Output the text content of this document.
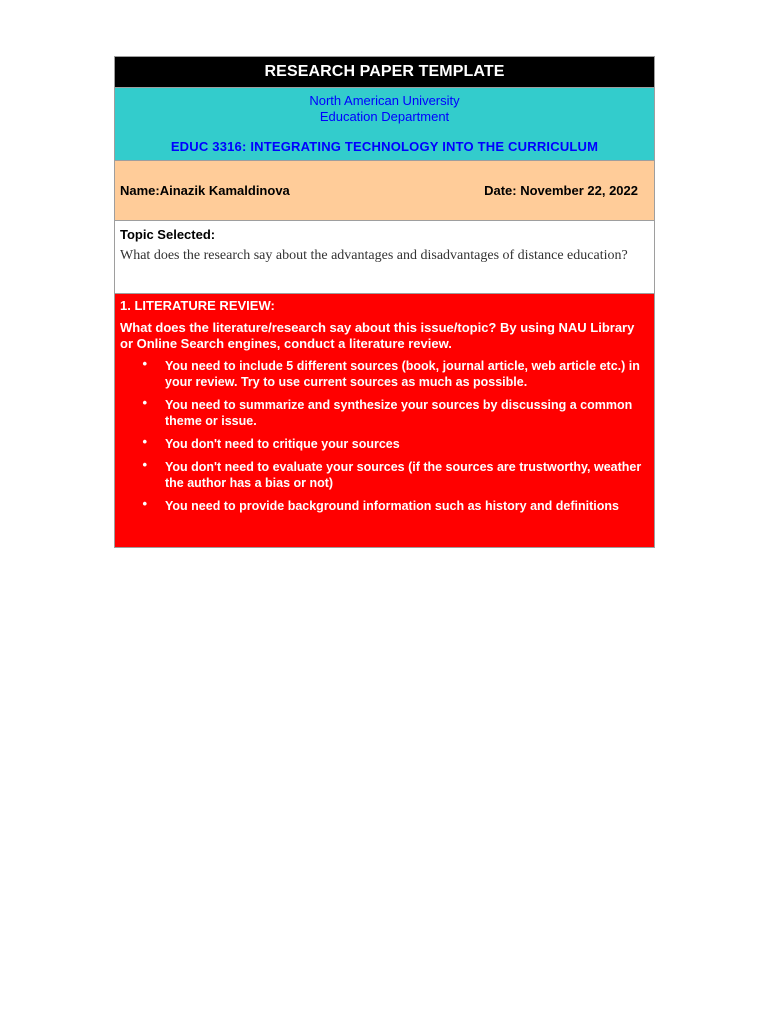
RESEARCH PAPER TEMPLATE
North American University
Education Department
EDUC 3316: INTEGRATING TECHNOLOGY INTO THE CURRICULUM
Name:Ainazik Kamaldinova	Date: November 22, 2022
Topic Selected:
What does the research say about the advantages and disadvantages of distance education?
1. LITERATURE REVIEW:
What does the literature/research say about this issue/topic? By using NAU Library or Online Search engines, conduct a literature review.
•	You need to include 5 different sources (book, journal article, web article etc.) in your review. Try to use current sources as much as possible.
•	You need to summarize and synthesize your sources by discussing a common theme or issue.
•	You don't need to critique your sources
•	You don't need to evaluate your sources (if the sources are trustworthy, weather the author has a bias or not)
•	You need to provide background information such as history and definitions
